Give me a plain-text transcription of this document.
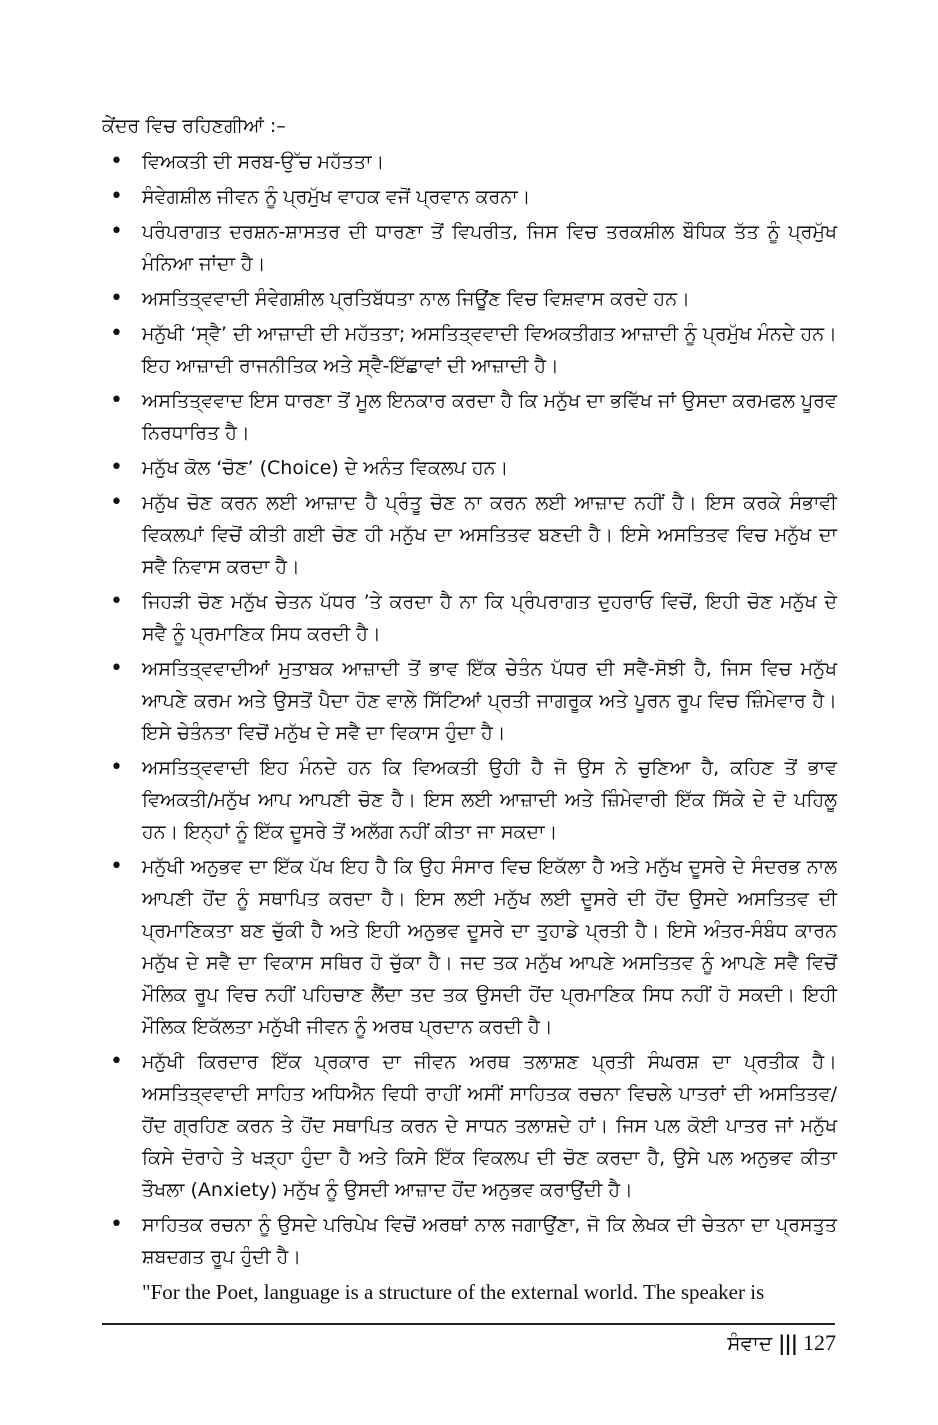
ਕੇਂਦਰ ਵਿਚ ਰਹਿਣਗੀਆਂ :–

• ਵਿਅਕਤੀ ਦੀ ਸਰਬ-ਉੱਚ ਮਹੱਤਤਾ।
• ਸੰਵੇਗਸ਼ੀਲ ਜੀਵਨ ਨੂੰ ਪ੍ਰਮੁੱਖ ਵਾਹਕ ਵਜੋਂ ਪ੍ਰਵਾਨ ਕਰਨਾ।
• ਪਰੰਪਰਾਗਤ ਦਰਸ਼ਨ-ਸ਼ਾਸਤਰ ਦੀ ਧਾਰਣਾ ਤੋਂ ਵਿਪਰੀਤ, ਜਿਸ ਵਿਚ ਤਰਕਸ਼ੀਲ ਬੌਧਿਕ ਤੱਤ ਨੂੰ ਪ੍ਰਮੁੱਖ ਮੰਨਿਆ ਜਾਂਦਾ ਹੈ।
• ਅਸਤਿਤ੍ਵਵਾਦੀ ਸੰਵੇਗਸ਼ੀਲ ਪ੍ਰਤਿਬੱਧਤਾ ਨਾਲ ਜਿਊਂਣ ਵਿਚ ਵਿਸ਼ਵਾਸ ਕਰਦੇ ਹਨ।
• ਮਨੁੱਖੀ ‘ਸ੍ਵੈ’ ਦੀ ਆਜ਼ਾਦੀ ਦੀ ਮਹੱਤਤਾ; ਅਸਤਿਤ੍ਵਵਾਦੀ ਵਿਅਕਤੀਗਤ ਆਜ਼ਾਦੀ ਨੂੰ ਪ੍ਰਮੁੱਖ ਮੰਨਦੇ ਹਨ। ਇਹ ਆਜ਼ਾਦੀ ਰਾਜਨੀਤਿਕ ਅਤੇ ਸ੍ਵੈ-ਇੱਛਾਵਾਂ ਦੀ ਆਜ਼ਾਦੀ ਹੈ।
• ਅਸਤਿਤ੍ਵਵਾਦ ਇਸ ਧਾਰਣਾ ਤੋਂ ਮੂਲ ਇਨਕਾਰ ਕਰਦਾ ਹੈ ਕਿ ਮਨੁੱਖ ਦਾ ਭਵਿੱਖ ਜਾਂ ਉਸਦਾ ਕਰਮਫਲ ਪੂਰਵ ਨਿਰਧਾਰਿਤ ਹੈ।
• ਮਨੁੱਖ ਕੋਲ ‘ਚੋਣ’ (Choice) ਦੇ ਅਨੰਤ ਵਿਕਲਪ ਹਨ।
• ਮਨੁੱਖ ਚੋਣ ਕਰਨ ਲਈ ਆਜ਼ਾਦ ਹੈ ਪ੍ਰੰਤੂ ਚੋਣ ਨਾ ਕਰਨ ਲਈ ਆਜ਼ਾਦ ਨਹੀਂ ਹੈ। ਇਸ ਕਰਕੇ ਸੰਭਾਵੀ ਵਿਕਲਪਾਂ ਵਿਚੋਂ ਕੀਤੀ ਗਈ ਚੋਣ ਹੀ ਮਨੁੱਖ ਦਾ ਅਸਤਿਤਵ ਬਣਦੀ ਹੈ। ਇਸੇ ਅਸਤਿਤਵ ਵਿਚ ਮਨੁੱਖ ਦਾ ਸਵੈ ਨਿਵਾਸ ਕਰਦਾ ਹੈ।
• ਜਿਹੜੀ ਚੋਣ ਮਨੁੱਖ ਚੇਤਨ ਪੱਧਰ ’ਤੇ ਕਰਦਾ ਹੈ ਨਾ ਕਿ ਪ੍ਰੰਪਰਾਗਤ ਦੁਹਰਾਓ ਵਿਚੋਂ, ਇਹੀ ਚੋਣ ਮਨੁੱਖ ਦੇ ਸਵੈ ਨੂੰ ਪ੍ਰਮਾਣਿਕ ਸਿਧ ਕਰਦੀ ਹੈ।
• ਅਸਤਿਤ੍ਵਵਾਦੀਆਂ ਮੁਤਾਬਕ ਆਜ਼ਾਦੀ ਤੋਂ ਭਾਵ ਇੱਕ ਚੇਤੰਨ ਪੱਧਰ ਦੀ ਸਵੈ-ਸੋਝੀ ਹੈ, ਜਿਸ ਵਿਚ ਮਨੁੱਖ ਆਪਣੇ ਕਰਮ ਅਤੇ ਉਸਤੋਂ ਪੈਦਾ ਹੋਣ ਵਾਲੇ ਸਿੱਟਿਆਂ ਪ੍ਰਤੀ ਜਾਗਰੂਕ ਅਤੇ ਪੂਰਨ ਰੂਪ ਵਿਚ ਜ਼ਿੰਮੇਵਾਰ ਹੈ। ਇਸੇ ਚੇਤੰਨਤਾ ਵਿਚੋਂ ਮਨੁੱਖ ਦੇ ਸਵੈ ਦਾ ਵਿਕਾਸ ਹੁੰਦਾ ਹੈ।
• ਅਸਤਿਤ੍ਵਵਾਦੀ ਇਹ ਮੰਨਦੇ ਹਨ ਕਿ ਵਿਅਕਤੀ ਉਹੀ ਹੈ ਜੋ ਉਸ ਨੇ ਚੁਣਿਆ ਹੈ, ਕਹਿਣ ਤੋਂ ਭਾਵ ਵਿਅਕਤੀ/ਮਨੁੱਖ ਆਪ ਆਪਣੀ ਚੋਣ ਹੈ। ਇਸ ਲਈ ਆਜ਼ਾਦੀ ਅਤੇ ਜ਼ਿੰਮੇਵਾਰੀ ਇੱਕ ਸਿੱਕੇ ਦੇ ਦੋ ਪਹਿਲੂ ਹਨ। ਇਨ੍ਹਾਂ ਨੂੰ ਇੱਕ ਦੂਸਰੇ ਤੋਂ ਅਲੱਗ ਨਹੀਂ ਕੀਤਾ ਜਾ ਸਕਦਾ।
• ਮਨੁੱਖੀ ਅਨੁਭਵ ਦਾ ਇੱਕ ਪੱਖ ਇਹ ਹੈ ਕਿ ਉਹ ਸੰਸਾਰ ਵਿਚ ਇਕੱਲਾ ਹੈ ਅਤੇ ਮਨੁੱਖ ਦੂਸਰੇ ਦੇ ਸੰਦਰਭ ਨਾਲ ਆਪਣੀ ਹੋਂਦ ਨੂੰ ਸਥਾਪਿਤ ਕਰਦਾ ਹੈ। ਇਸ ਲਈ ਮਨੁੱਖ ਲਈ ਦੂਸਰੇ ਦੀ ਹੋਂਦ ਉਸਦੇ ਅਸਤਿਤਵ ਦੀ ਪ੍ਰਮਾਣਿਕਤਾ ਬਣ ਚੁੱਕੀ ਹੈ ਅਤੇ ਇਹੀ ਅਨੁਭਵ ਦੂਸਰੇ ਦਾ ਤੁਹਾਡੇ ਪ੍ਰਤੀ ਹੈ। ਇਸੇ ਅੰਤਰ-ਸੰਬੰਧ ਕਾਰਨ ਮਨੁੱਖ ਦੇ ਸਵੈ ਦਾ ਵਿਕਾਸ ਸਥਿਰ ਹੋ ਚੁੱਕਾ ਹੈ। ਜਦ ਤਕ ਮਨੁੱਖ ਆਪਣੇ ਅਸਤਿਤਵ ਨੂੰ ਆਪਣੇ ਸਵੈ ਵਿਚੋਂ ਮੌਲਿਕ ਰੂਪ ਵਿਚ ਨਹੀਂ ਪਹਿਚਾਣ ਲੈਂਦਾ ਤਦ ਤਕ ਉਸਦੀ ਹੋਂਦ ਪ੍ਰਮਾਣਿਕ ਸਿਧ ਨਹੀਂ ਹੋ ਸਕਦੀ। ਇਹੀ ਮੌਲਿਕ ਇਕੱਲਤਾ ਮਨੁੱਖੀ ਜੀਵਨ ਨੂੰ ਅਰਥ ਪ੍ਰਦਾਨ ਕਰਦੀ ਹੈ।
• ਮਨੁੱਖੀ ਕਿਰਦਾਰ ਇੱਕ ਪ੍ਰਕਾਰ ਦਾ ਜੀਵਨ ਅਰਥ ਤਲਾਸ਼ਣ ਪ੍ਰਤੀ ਸੰਘਰਸ਼ ਦਾ ਪ੍ਰਤੀਕ ਹੈ। ਅਸਤਿਤ੍ਵਵਾਦੀ ਸਾਹਿਤ ਅਧਿਐਨ ਵਿਧੀ ਰਾਹੀਂ ਅਸੀਂ ਸਾਹਿਤਕ ਰਚਨਾ ਵਿਚਲੇ ਪਾਤਰਾਂ ਦੀ ਅਸਤਿਤਵ/ਹੋਂਦ ਗ੍ਰਹਿਣ ਕਰਨ ਤੇ ਹੋਂਦ ਸਥਾਪਿਤ ਕਰਨ ਦੇ ਸਾਧਨ ਤਲਾਸ਼ਦੇ ਹਾਂ। ਜਿਸ ਪਲ ਕੋਈ ਪਾਤਰ ਜਾਂ ਮਨੁੱਖ ਕਿਸੇ ਦੋਰਾਹੇ ਤੇ ਖੜ੍ਹਾ ਹੁੰਦਾ ਹੈ ਅਤੇ ਕਿਸੇ ਇੱਕ ਵਿਕਲਪ ਦੀ ਚੋਣ ਕਰਦਾ ਹੈ, ਉਸੇ ਪਲ ਅਨੁਭਵ ਕੀਤਾ ਤੌਖਲਾ (Anxiety) ਮਨੁੱਖ ਨੂੰ ਉਸਦੀ ਆਜ਼ਾਦ ਹੋਂਦ ਅਨੁਭਵ ਕਰਾਉਂਦੀ ਹੈ।
• ਸਾਹਿਤਕ ਰਚਨਾ ਨੂੰ ਉਸਦੇ ਪਰਿਪੇਖ ਵਿਚੋਂ ਅਰਥਾਂ ਨਾਲ ਜਗਾਉਂਣਾ, ਜੋ ਕਿ ਲੇਖਕ ਦੀ ਚੇਤਨਾ ਦਾ ਪ੍ਰਸਤੁਤ ਸ਼ਬਦਗਤ ਰੂਪ ਹੁੰਦੀ ਹੈ।
"For the Poet, language is a structure of the external world. The speaker is
ਸੰਵਾਦ ||| 127
